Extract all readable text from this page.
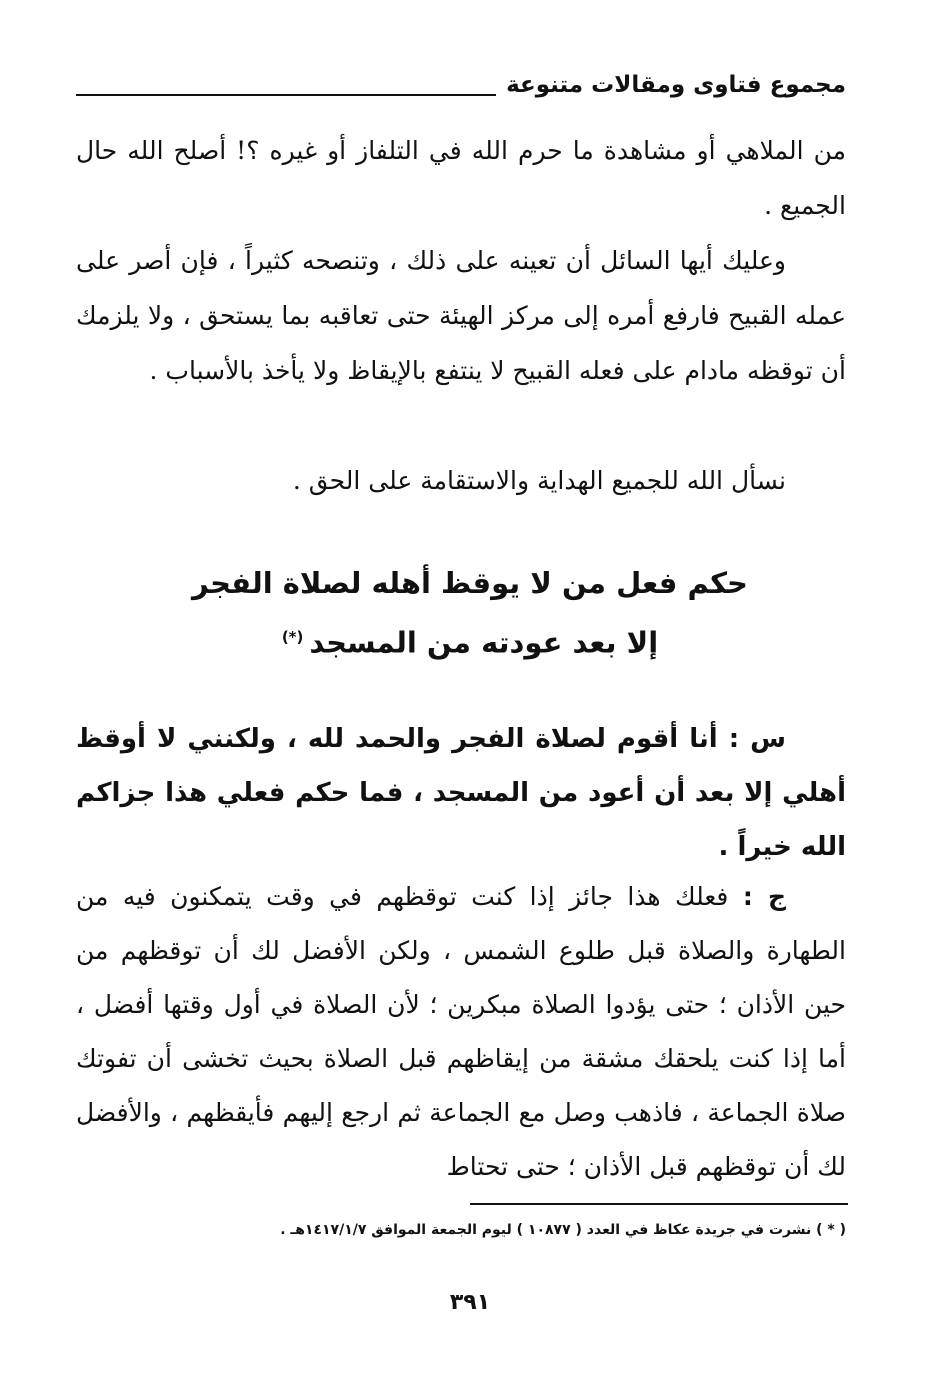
مجموع فتاوى ومقالات متنوعة
من الملاهي أو مشاهدة ما حرم الله في التلفاز أو غيره ؟! أصلح الله حال الجميع .
وعليك أيها السائل أن تعينه على ذلك ، وتنصحه كثيراً ، فإن أصر على عمله القبيح فارفع أمره إلى مركز الهيئة حتى تعاقبه بما يستحق ، ولا يلزمك أن توقظه مادام على فعله القبيح لا ينتفع بالإيقاظ ولا يأخذ بالأسباب .
نسأل الله للجميع الهداية والاستقامة على الحق .
حكم فعل من لا يوقظ أهله لصلاة الفجر
إلا بعد عودته من المسجد(*)
س : أنا أقوم لصلاة الفجر والحمد لله ، ولكنني لا أوقظ أهلي إلا بعد أن أعود من المسجد ، فما حكم فعلي هذا جزاكم الله خيراً .
ج : فعلك هذا جائز إذا كنت توقظهم في وقت يتمكنون فيه من الطهارة والصلاة قبل طلوع الشمس ، ولكن الأفضل لك أن توقظهم من حين الأذان ؛ حتى يؤدوا الصلاة مبكرين ؛ لأن الصلاة في أول وقتها أفضل ، أما إذا كنت يلحقك مشقة من إيقاظهم قبل الصلاة بحيث تخشى أن تفوتك صلاة الجماعة ، فاذهب وصل مع الجماعة ثم ارجع إليهم فأيقظهم ، والأفضل لك أن توقظهم قبل الأذان ؛ حتى تحتاط
( * ) نشرت في جريدة عكاظ في العدد ( ١٠٨٧٧ ) ليوم الجمعة الموافق ١٤١٧/١/٧هـ .
٣٩١
